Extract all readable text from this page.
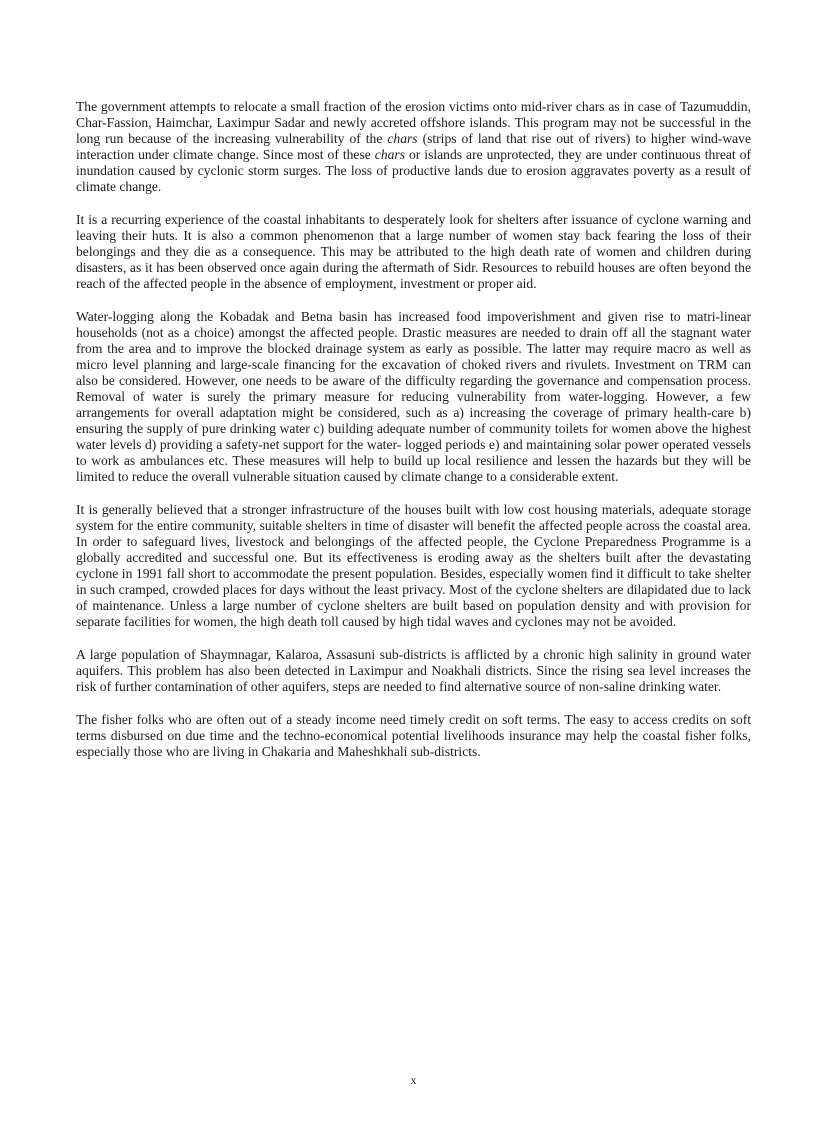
The government attempts to relocate a small fraction of the erosion victims onto mid-river chars as in case of Tazumuddin, Char-Fassion, Haimchar, Laximpur Sadar and newly accreted offshore islands. This program may not be successful in the long run because of the increasing vulnerability of the chars (strips of land that rise out of rivers) to higher wind-wave interaction under climate change. Since most of these chars or islands are unprotected, they are under continuous threat of inundation caused by cyclonic storm surges. The loss of productive lands due to erosion aggravates poverty as a result of climate change.

It is a recurring experience of the coastal inhabitants to desperately look for shelters after issuance of cyclone warning and leaving their huts. It is also a common phenomenon that a large number of women stay back fearing the loss of their belongings and they die as a consequence. This may be attributed to the high death rate of women and children during disasters, as it has been observed once again during the aftermath of Sidr. Resources to rebuild houses are often beyond the reach of the affected people in the absence of employment, investment or proper aid.

Water-logging along the Kobadak and Betna basin has increased food impoverishment and given rise to matri-linear households (not as a choice) amongst the affected people. Drastic measures are needed to drain off all the stagnant water from the area and to improve the blocked drainage system as early as possible. The latter may require macro as well as micro level planning and large-scale financing for the excavation of choked rivers and rivulets. Investment on TRM can also be considered. However, one needs to be aware of the difficulty regarding the governance and compensation process. Removal of water is surely the primary measure for reducing vulnerability from water-logging. However, a few arrangements for overall adaptation might be considered, such as a) increasing the coverage of primary health-care b) ensuring the supply of pure drinking water c) building adequate number of community toilets for women above the highest water levels d) providing a safety-net support for the water- logged periods e) and maintaining solar power operated vessels to work as ambulances etc. These measures will help to build up local resilience and lessen the hazards but they will be limited to reduce the overall vulnerable situation caused by climate change to a considerable extent.

It is generally believed that a stronger infrastructure of the houses built with low cost housing materials, adequate storage system for the entire community, suitable shelters in time of disaster will benefit the affected people across the coastal area. In order to safeguard lives, livestock and belongings of the affected people, the Cyclone Preparedness Programme is a globally accredited and successful one. But its effectiveness is eroding away as the shelters built after the devastating cyclone in 1991 fall short to accommodate the present population. Besides, especially women find it difficult to take shelter in such cramped, crowded places for days without the least privacy. Most of the cyclone shelters are dilapidated due to lack of maintenance. Unless a large number of cyclone shelters are built based on population density and with provision for separate facilities for women, the high death toll caused by high tidal waves and cyclones may not be avoided.

A large population of Shaymnagar, Kalaroa, Assasuni sub-districts is afflicted by a chronic high salinity in ground water aquifers. This problem has also been detected in Laximpur and Noakhali districts. Since the rising sea level increases the risk of further contamination of other aquifers, steps are needed to find alternative source of non-saline drinking water.

The fisher folks who are often out of a steady income need timely credit on soft terms. The easy to access credits on soft terms disbursed on due time and the techno-economical potential livelihoods insurance may help the coastal fisher folks, especially those who are living in Chakaria and Maheshkhali sub-districts.

x
